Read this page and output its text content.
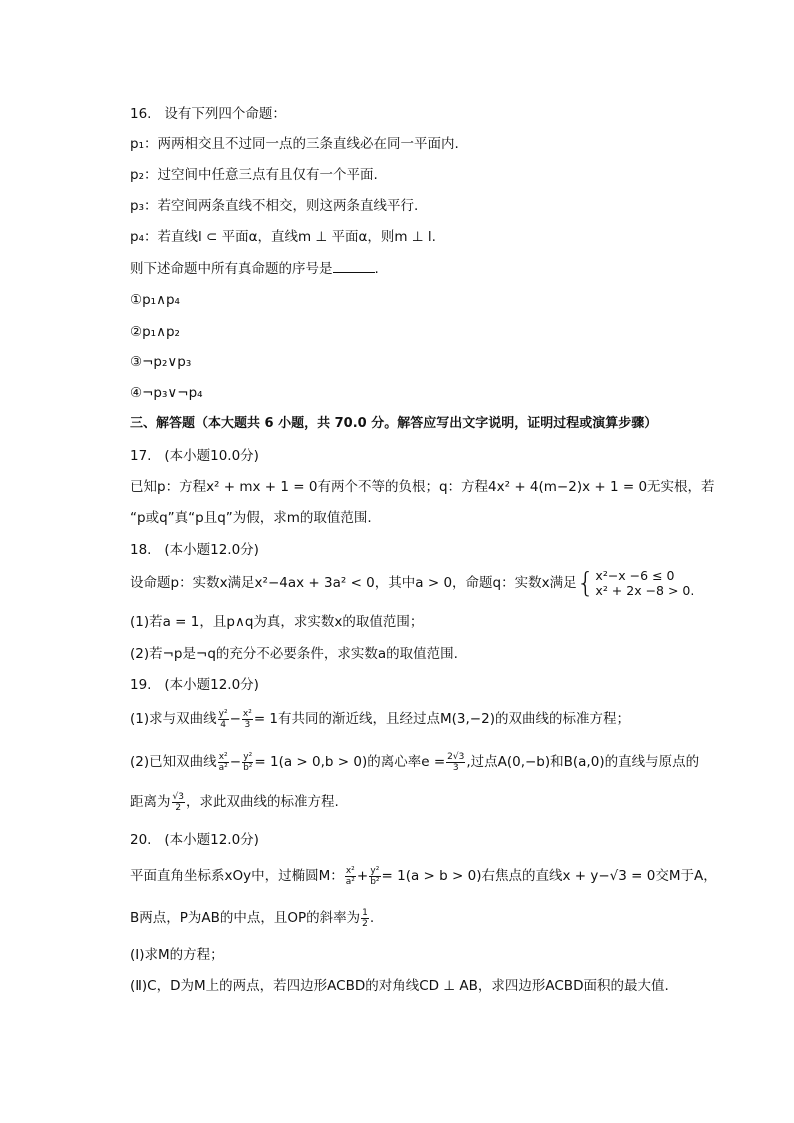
16. 设有下列四个命题：
p₁：两两相交且不过同一点的三条直线必在同一平面内.
p₂：过空间中任意三点有且仅有一个平面.
p₃：若空间两条直线不相交，则这两条直线平行.
p₄：若直线l ⊂ 平面α，直线m ⊥ 平面α，则m ⊥ l.
则下述命题中所有真命题的序号是	.
①p₁∧p₄
②p₁∧p₂
③¬p₂∨p₃
④¬p₃∨¬p₄
三、解答题（本大题共 6 小题，共 70.0 分。解答应写出文字说明，证明过程或演算步骤）
17. (本小题10.0分)
已知p：方程x² + mx + 1 = 0有两个不等的负根；q：方程4x² + 4(m−2)x + 1 = 0无实根，若
“p或q”真“p且q”为假，求m的取值范围.
18. (本小题12.0分)
设命题p：实数x满足x²−4ax + 3a² < 0，其中a > 0，命题q：实数x满足{ x²−x −6 ≤ 0
x² + 2x −8 > 0.
(1)若a = 1，且p∧q为真，求实数x的取值范围；
(2)若¬p是¬q的充分不必要条件，求实数a的取值范围.
19. (本小题12.0分)
(1)求与双曲线 $\frac{\text{y²}}{4} - \frac{\text{x²}}{3} = 1$有共同的渐近线，且经过点M(3,−2)的双曲线的标准方程；
(2)已知双曲线 $\frac{\text{x²}}{\text{a²}} - \frac{\text{y²}}{\text{b²}} = 1(a > 0,b > 0)$的离心率$e = \frac{2√3}{3}$ ,过点A(0,−b)和B(a,0)的直线与原点的
距离为 $\frac{√3}{2}$ ，求此双曲线的标准方程.
20. (本小题12.0分)
平面直角坐标系xOy中，过椭圆M： $\frac{\text{x²}}{\text{a²}} + \frac{\text{y²}}{\text{b²}} = 1(a > b > 0)$右焦点的直线x + y−√3 = 0交M于A，
B两点，P为AB的中点，且OP的斜率为 $\frac{1}{2}$ .
(Ⅰ)求M的方程；
(Ⅱ)C，D为M上的两点，若四边形ACBD的对角线CD ⊥ AB，求四边形ACBD面积的最大值.
